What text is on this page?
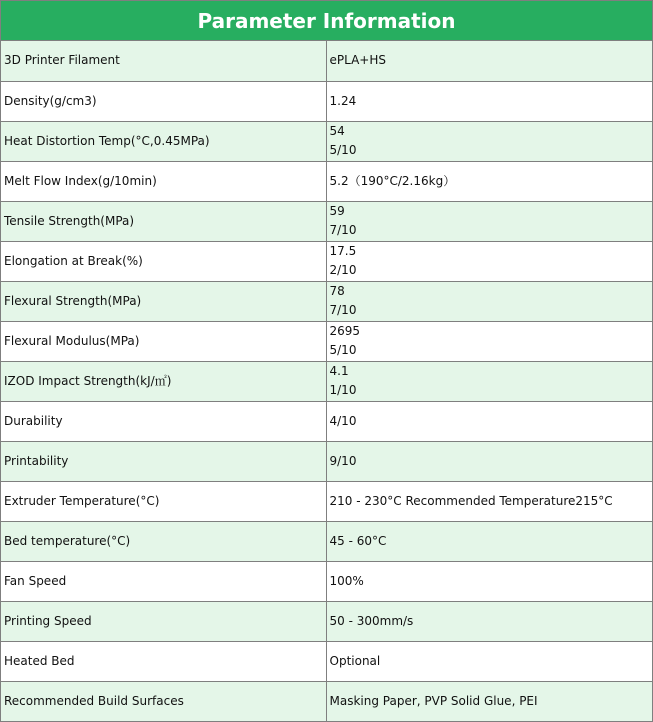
Parameter Information
3D Printer Filament	ePLA+HS

Density(g/cm3)	1.24

Heat Distortion Temp(°C,0.45MPa)	54
5/10

Melt Flow Index(g/10min)	5.2（190°C/2.16kg）

Tensile Strength(MPa)	59
7/10

Elongation at Break(%)	17.5
2/10

Flexural Strength(MPa)	78
7/10

Flexural Modulus(MPa)	2695
5/10

IZOD Impact Strength(kJ/㎡)	4.1
1/10

Durability	4/10

Printability	9/10

Extruder Temperature(°C)	210 - 230°C Recommended Temperature215°C

Bed temperature(°C)	45 - 60°C

Fan Speed	100%

Printing Speed	50 - 300mm/s

Heated Bed	Optional

Recommended Build Surfaces	Masking Paper, PVP Solid Glue, PEI
